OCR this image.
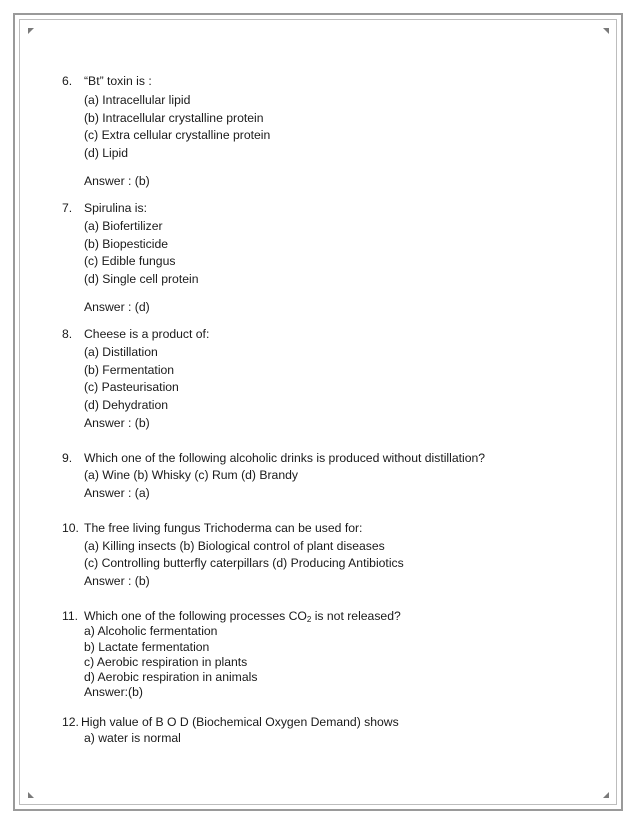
6. “Bt” toxin is :
(a) Intracellular lipid
(b) Intracellular crystalline protein
(c) Extra cellular crystalline protein
(d) Lipid
Answer : (b)
7. Spirulina is:
(a) Biofertilizer
(b) Biopesticide
(c) Edible fungus
(d) Single cell protein
Answer : (d)
8. Cheese is a product of:
(a) Distillation
(b) Fermentation
(c) Pasteurisation
(d) Dehydration
Answer : (b)
9. Which one of the following alcoholic drinks is produced without distillation?
(a) Wine (b) Whisky (c) Rum (d) Brandy
Answer : (a)
10. The free living fungus Trichoderma can be used for:
(a) Killing insects (b) Biological control of plant diseases
(c) Controlling butterfly caterpillars (d) Producing Antibiotics
Answer : (b)
11. Which one of the following processes $CO_2$ is not released?
a) Alcoholic fermentation
b) Lactate fermentation
c) Aerobic respiration in plants
d) Aerobic respiration in animals
Answer:(b)
12. High value of B O D (Biochemical Oxygen Demand) shows
a) water is normal
